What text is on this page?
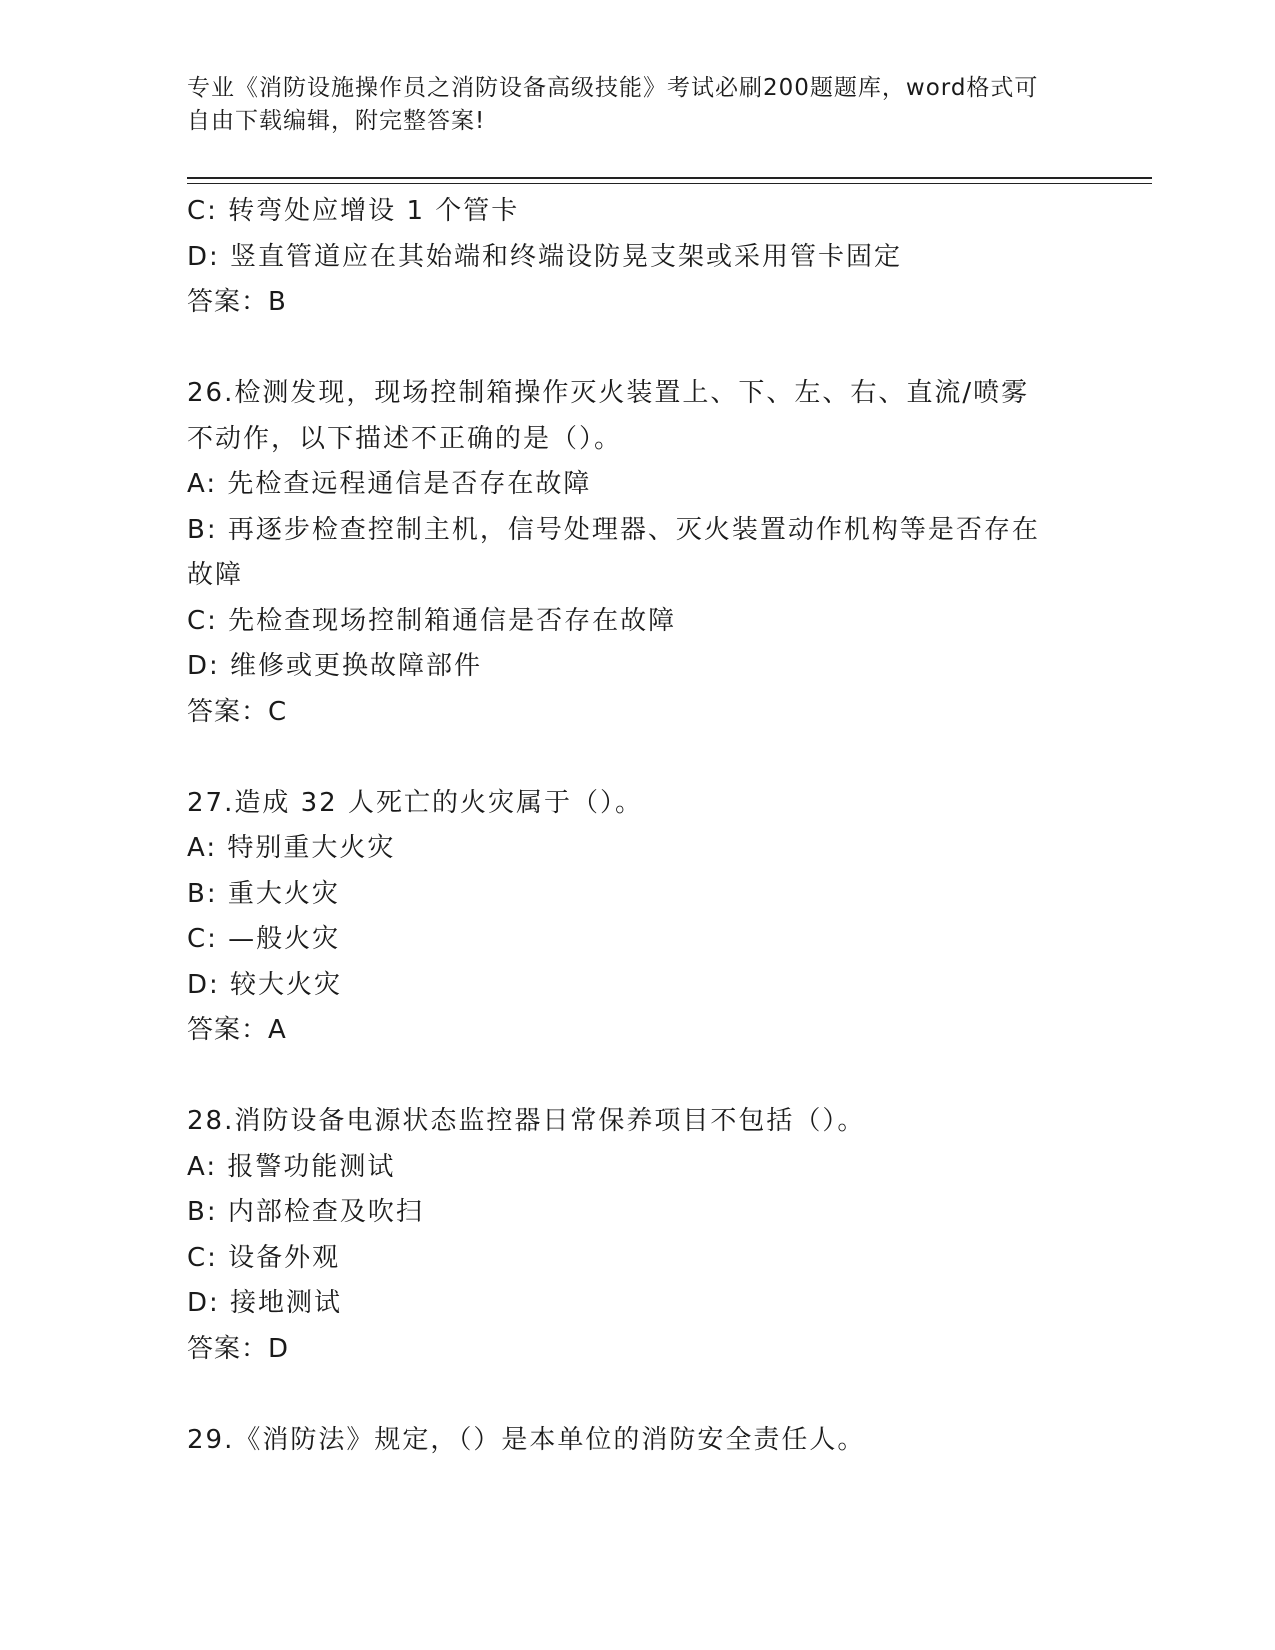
专业《消防设施操作员之消防设备高级技能》考试必刷200题题库，word格式可
自由下载编辑，附完整答案!

C: 转弯处应增设 1 个管卡
D: 竖直管道应在其始端和终端设防晃支架或采用管卡固定
答案：B
26.检测发现，现场控制箱操作灭火装置上、下、左、右、直流/喷雾
不动作，以下描述不正确的是（）。
A: 先检查远程通信是否存在故障
B: 再逐步检查控制主机，信号处理器、灭火装置动作机构等是否存在
故障
C: 先检查现场控制箱通信是否存在故障
D: 维修或更换故障部件
答案：C
27.造成 32 人死亡的火灾属于（）。
A: 特别重大火灾
B: 重大火灾
C: —般火灾
D: 较大火灾
答案：A
28.消防设备电源状态监控器日常保养项目不包括（）。
A: 报警功能测试
B: 内部检查及吹扫
C: 设备外观
D: 接地测试
答案：D
29.《消防法》规定，（）是本单位的消防安全责任人。
